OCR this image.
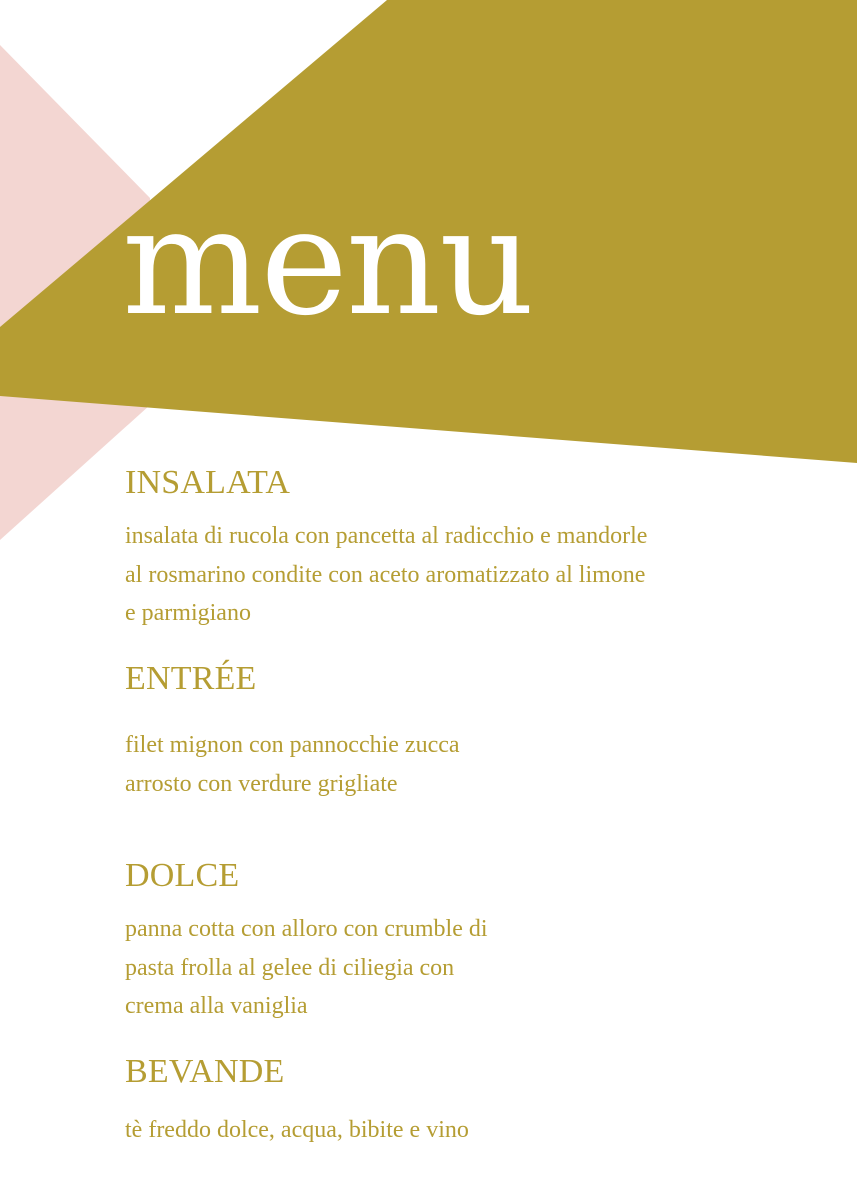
menu
INSALATA
insalata di rucola con pancetta al radicchio e mandorle
al rosmarino condite con aceto aromatizzato al limone
e parmigiano
ENTRÉE
filet mignon con pannocchie zucca
arrosto con verdure grigliate
DOLCE
panna cotta con alloro con crumble di
pasta frolla al gelee di ciliegia con
crema alla vaniglia
BEVANDE
tè freddo dolce, acqua, bibite e vino
